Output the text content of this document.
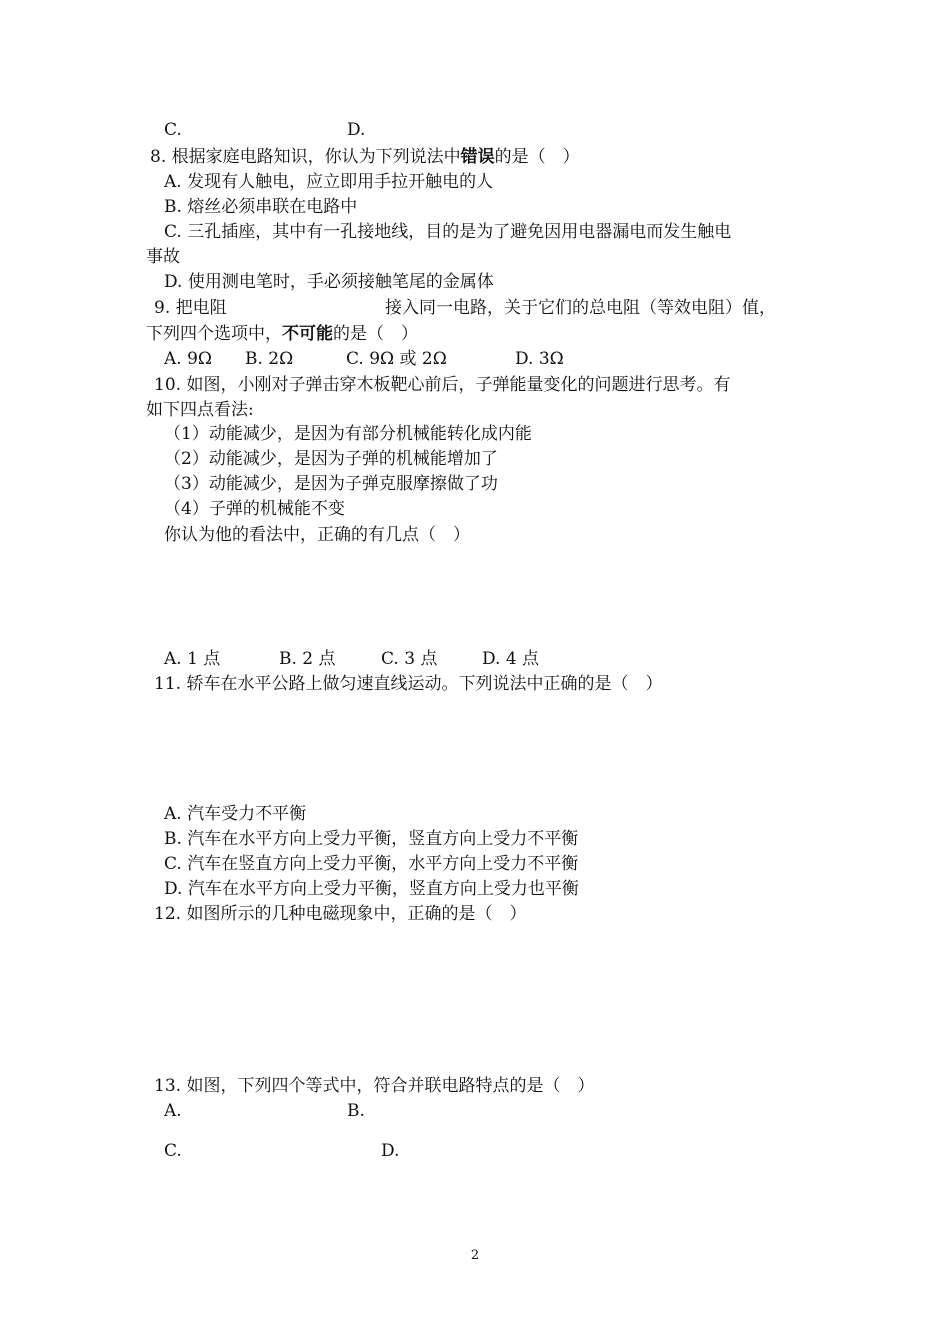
C.	D.
8. 根据家庭电路知识，你认为下列说法中错误的是（　）
A. 发现有人触电，应立即用手拉开触电的人
B. 熔丝必须串联在电路中
C. 三孔插座，其中有一孔接地线，目的是为了避免因用电器漏电而发生触电
事故
D. 使用测电笔时，手必须接触笔尾的金属体
9. 把电阻	接入同一电路，关于它们的总电阻（等效电阻）值，
下列四个选项中，不可能的是（　）
A. 9Ω B. 2Ω	C. 9Ω 或 2Ω	D. 3Ω
10. 如图，小刚对子弹击穿木板靶心前后，子弹能量变化的问题进行思考。有
如下四点看法:
（1）动能减少，是因为有部分机械能转化成内能
（2）动能减少，是因为子弹的机械能增加了
（3）动能减少，是因为子弹克服摩擦做了功
（4）子弹的机械能不变
你认为他的看法中，正确的有几点（　）
A. 1 点	B. 2 点	C. 3 点	D. 4 点
11. 轿车在水平公路上做匀速直线运动。下列说法中正确的是（　）
A. 汽车受力不平衡
B. 汽车在水平方向上受力平衡，竖直方向上受力不平衡
C. 汽车在竖直方向上受力平衡，水平方向上受力不平衡
D. 汽车在水平方向上受力平衡，竖直方向上受力也平衡
12. 如图所示的几种电磁现象中，正确的是（　）
13. 如图，下列四个等式中，符合并联电路特点的是（　）
A.	B.
C.	D.
2
